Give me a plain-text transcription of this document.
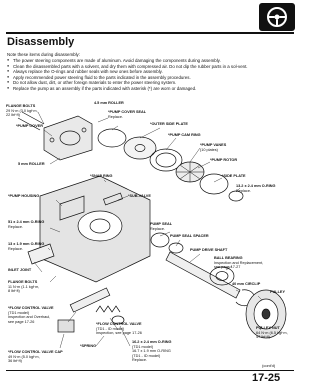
Disassembly
Note these items during disassembly:
● The power steering components are made of aluminum. Avoid damaging the components during assembly.
● Clean the disassembled parts with a solvent, and dry them with compressed air. Do not dip the rubber parts in a sol-vent.
● Always replace the O-rings and rubber seals with new ones before assembly.
● Apply recommended power steering fluid to the parts indicated in the assembly procedures.
● Do not allow dust, dirt, or other foreign materials to enter the power steering system.
● Replace the pump as an assembly if the parts indicated with asterisk (*) are worn or damaged.
FLANGE BOLTS
29 N·m (3.0 kgf·m,
22 lbf·ft)
4.5 mm ROLLER
*PUMP COVER SEAL
Replace.
*PUMP COVER	*OUTER SIDE PLATE
*PUMP CAM RING
5 mm ROLLER
*PUMP VANES
(10 plates)
*PUMP ROTOR
*SNAP RING	*SIDE PLATE
13.2 x 2.4 mm O-RING
Replace.
*PUMP HOUSING	*SUB-VALVE
51 x 2.4 mm O-RING
Replace.
PUMP SEAL
Replace.
13 x 1.9 mm O-RING
Replace.
PUMP SEAL SPACER
INLET JOINT
PUMP DRIVE SHAFT
FLANGE BOLTS
11 N·m (1.1 kgf·m,
8 lbf·ft)
BALL BEARING
Inspection and Replacement,
see page 17-27
40 mm CIRCLIP
PULLEY
*FLOW CONTROL VALVE
(TD1 model)
Inspection and Overhaul,
see page 17-26
*FLOW CONTROL VALVE
(TD1 - ID model)
Inspection, see page 17-26
PULLEY NUT
64 N·m (6.5 kgf·m,
47 lbf·ft)
*SPRING
*FLOW CONTROL VALVE CAP
49 N·m (5.0 kgf·m,
36 lbf·ft)
16.2 x 2.4 mm O-RING
(TD1 model)
16.7 x 1.9 mm O-RING
(TD1 - ID model)
Replace.
(cont'd)
17-25
